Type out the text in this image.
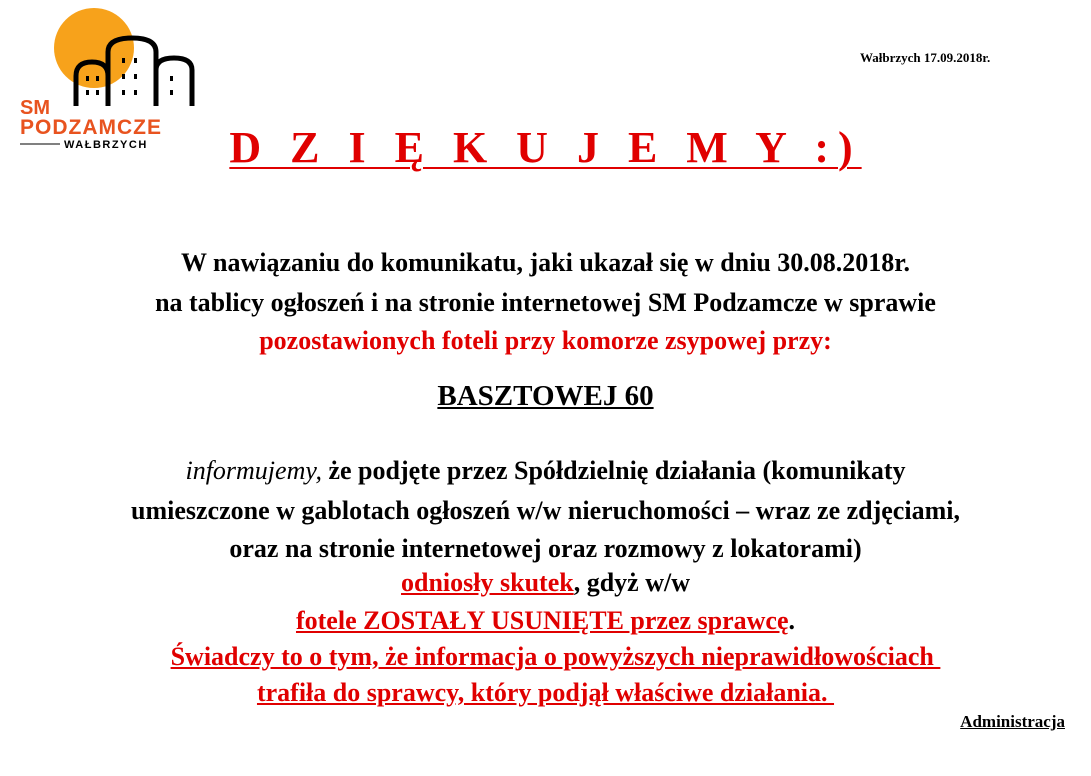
SM
PODZAMCZE
WAŁBRZYCH
Wałbrzych 17.09.2018r.
D Z I Ę K U J E M Y :)
W nawiązaniu do komunikatu, jaki ukazał się w dniu 30.08.2018r.
na tablicy ogłoszeń i na stronie internetowej SM Podzamcze w sprawie
pozostawionych foteli przy komorze zsypowej przy:
BASZTOWEJ 60
informujemy, że podjęte przez Spółdzielnię działania (komunikaty
umieszczone w gablotach ogłoszeń w/w nieruchomości – wraz ze zdjęciami,
oraz na stronie internetowej oraz rozmowy z lokatorami)
odniosły skutek, gdyż w/w
fotele ZOSTAŁY USUNIĘTE przez sprawcę.
Świadczy to o tym, że informacja o powyższych nieprawidłowościach
trafiła do sprawcy, który podjął właściwe działania.
Administracja
